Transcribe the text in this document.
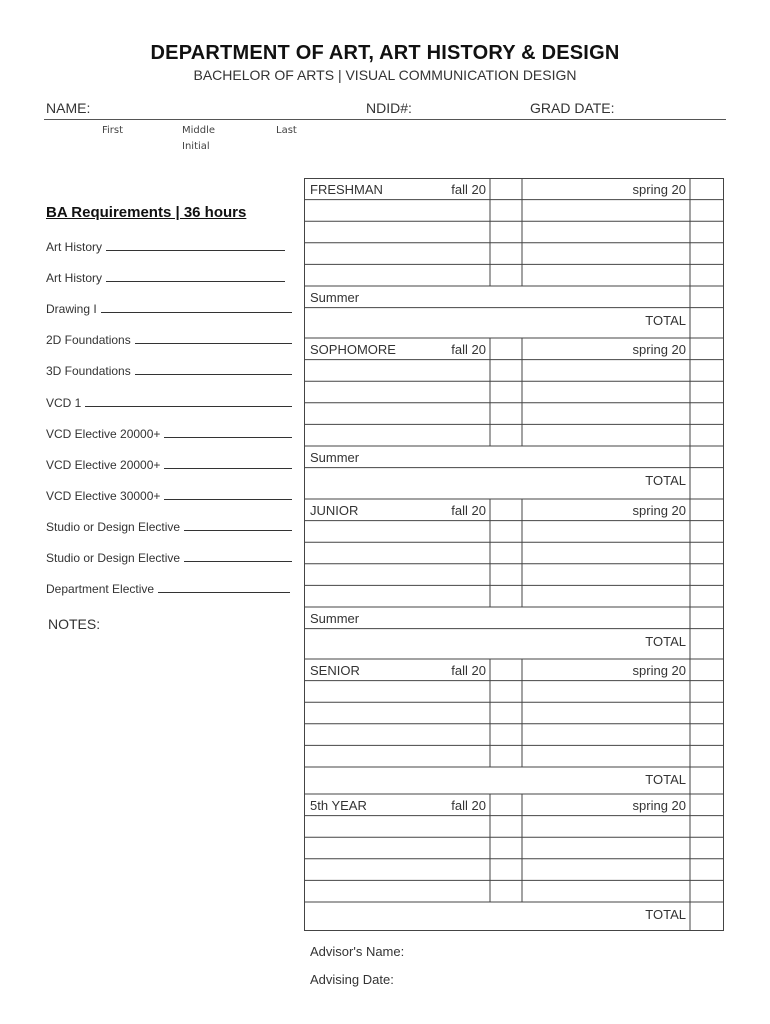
DEPARTMENT OF ART, ART HISTORY & DESIGN
BACHELOR OF ARTS | VISUAL COMMUNICATION DESIGN
NAME:	NDID#:	GRAD DATE:
First	Middle
Initial
Last
BA Requirements | 36 hours
Art History
Art History
Drawing I
2D Foundations
3D Foundations
VCD 1
VCD Elective 20000+
VCD Elective 20000+
VCD Elective 30000+
Studio or Design Elective
Studio or Design Elective
Department Elective
NOTES:
FRESHMAN	fall 20	spring 20
Summer
TOTAL
SOPHOMORE	fall 20	spring 20
Summer
TOTAL
JUNIOR	fall 20	spring 20
Summer
TOTAL
SENIOR	fall 20	spring 20
TOTAL
5th YEAR	fall 20	spring 20
TOTAL
Advisor's Name:
Advising Date:
